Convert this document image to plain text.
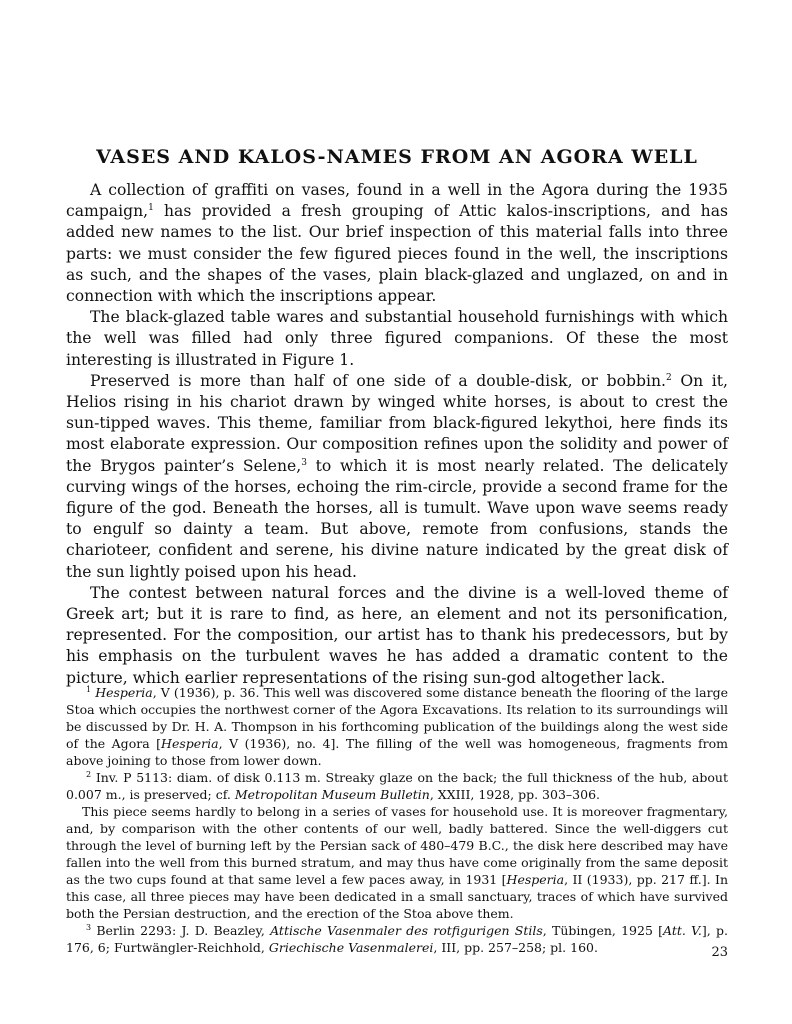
VASES AND KALOS-NAMES FROM AN AGORA WELL

A collection of graffiti on vases, found in a well in the Agora during the 1935 campaign,$^1$ has provided a fresh grouping of Attic kalos-inscriptions, and has added new names to the list. Our brief inspection of this material falls into three parts: we must consider the few figured pieces found in the well, the inscriptions as such, and the shapes of the vases, plain black-glazed and unglazed, on and in connection with which the inscriptions appear.

The black-glazed table wares and substantial household furnishings with which the well was filled had only three figured companions. Of these the most interesting is illustrated in Figure 1.

Preserved is more than half of one side of a double-disk, or bobbin.$^2$ On it, Helios rising in his chariot drawn by winged white horses, is about to crest the sun-tipped waves. This theme, familiar from black-figured lekythoi, here finds its most elaborate expression. Our composition refines upon the solidity and power of the Brygos painter’s Selene,$^3$ to which it is most nearly related. The delicately curving wings of the horses, echoing the rim-circle, provide a second frame for the figure of the god. Beneath the horses, all is tumult. Wave upon wave seems ready to engulf so dainty a team. But above, remote from confusions, stands the charioteer, confident and serene, his divine nature indicated by the great disk of the sun lightly poised upon his head.

The contest between natural forces and the divine is a well-loved theme of Greek art; but it is rare to find, as here, an element and not its personification, represented. For the composition, our artist has to thank his predecessors, but by his emphasis on the turbulent waves he has added a dramatic content to the picture, which earlier representations of the rising sun-god altogether lack.

$^1$ Hesperia, V (1936), p. 36. This well was discovered some distance beneath the flooring of the large Stoa which occupies the northwest corner of the Agora Excavations. Its relation to its surroundings will be discussed by Dr. H. A. Thompson in his forthcoming publication of the buildings along the west side of the Agora [Hesperia, V (1936), no. 4]. The filling of the well was homogeneous, fragments from above joining to those from lower down.

$^2$ Inv. P 5113: diam. of disk 0.113 m. Streaky glaze on the back; the full thickness of the hub, about 0.007 m., is preserved; cf. Metropolitan Museum Bulletin, XXIII, 1928, pp. 303–306.

This piece seems hardly to belong in a series of vases for household use. It is moreover fragmentary, and, by comparison with the other contents of our well, badly battered. Since the well-diggers cut through the level of burning left by the Persian sack of 480–479 B.C., the disk here described may have fallen into the well from this burned stratum, and may thus have come originally from the same deposit as the two cups found at that same level a few paces away, in 1931 [Hesperia, II (1933), pp. 217 ff.]. In this case, all three pieces may have been dedicated in a small sanctuary, traces of which have survived both the Persian destruction, and the erection of the Stoa above them.

$^3$ Berlin 2293: J. D. Beazley, Attische Vasenmaler des rotfigurigen Stils, Tübingen, 1925 [Att. V.], p. 176, 6; Furtwängler-Reichhold, Griechische Vasenmalerei, III, pp. 257–258; pl. 160.	23
